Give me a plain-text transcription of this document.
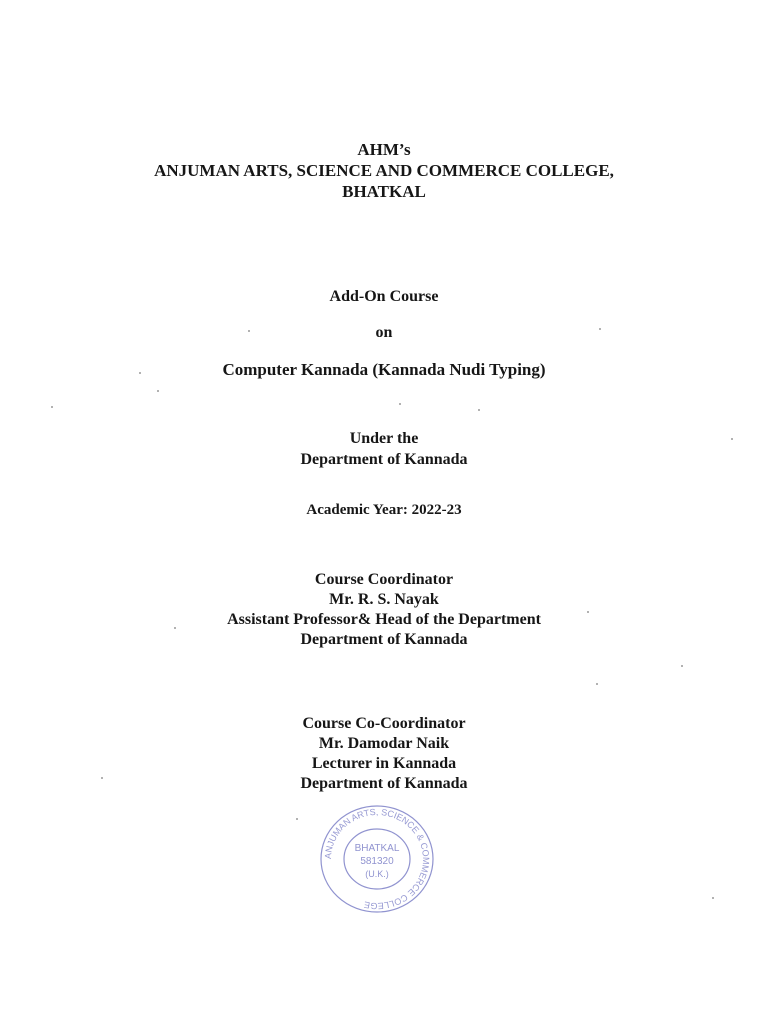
AHM’s
ANJUMAN ARTS, SCIENCE AND COMMERCE COLLEGE,
BHATKAL
Add-On Course
on
Computer Kannada (Kannada Nudi Typing)
Under the
Department of Kannada
Academic Year: 2022-23
Course Coordinator
Mr. R. S. Nayak
Assistant Professor& Head of the Department
Department of Kannada
Course Co-Coordinator
Mr. Damodar Naik
Lecturer in Kannada
Department of Kannada
ANJUMAN ARTS, SCIENCE & COMMERCE COLLEGE
BHATKAL
581320
(U.K.)
